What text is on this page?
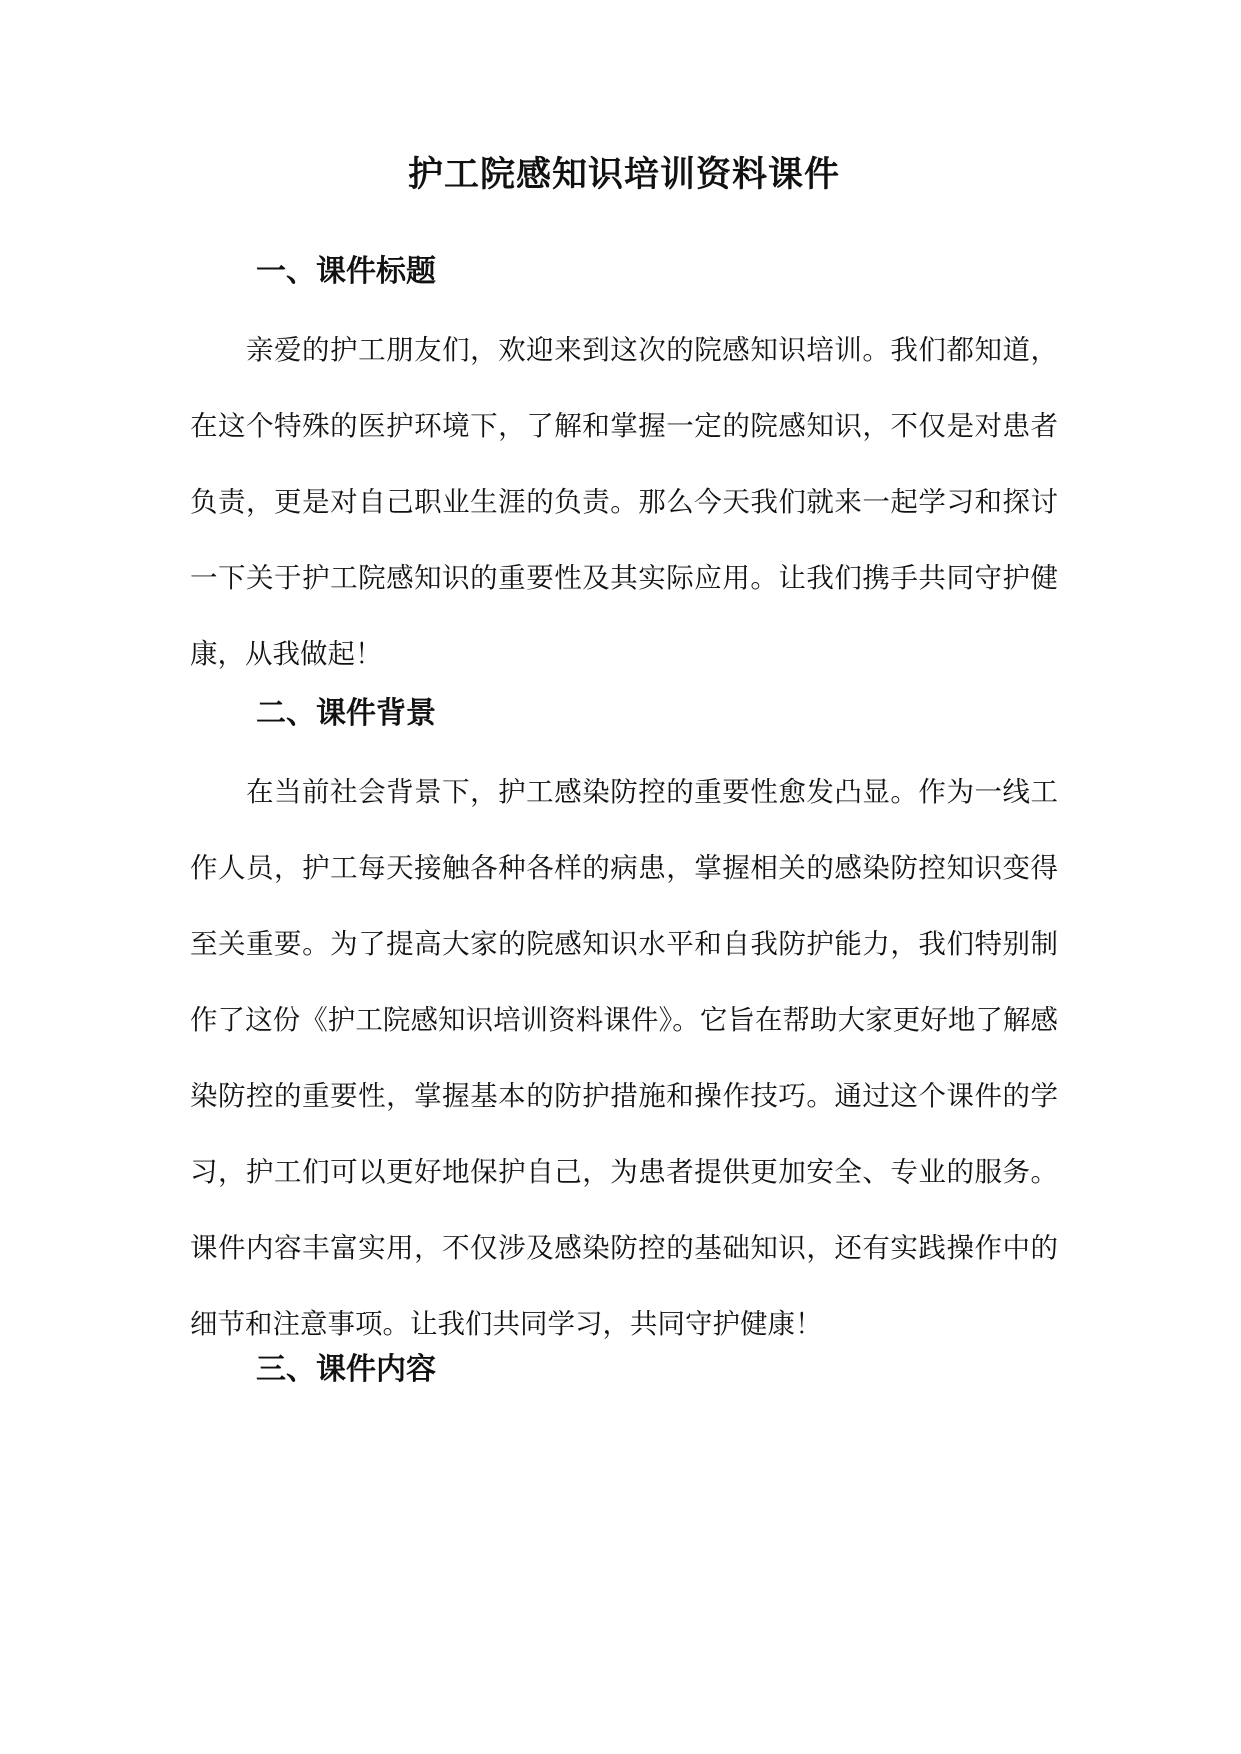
护工院感知识培训资料课件
一、课件标题

亲爱的护工朋友们，欢迎来到这次的院感知识培训。我们都知道，在这个特殊的医护环境下，了解和掌握一定的院感知识，不仅是对患者负责，更是对自己职业生涯的负责。那么今天我们就来一起学习和探讨一下关于护工院感知识的重要性及其实际应用。让我们携手共同守护健康，从我做起！

二、课件背景

在当前社会背景下，护工感染防控的重要性愈发凸显。作为一线工作人员，护工每天接触各种各样的病患，掌握相关的感染防控知识变得至关重要。为了提高大家的院感知识水平和自我防护能力，我们特别制作了这份《护工院感知识培训资料课件》。它旨在帮助大家更好地了解感染防控的重要性，掌握基本的防护措施和操作技巧。通过这个课件的学习，护工们可以更好地保护自己，为患者提供更加安全、专业的服务。课件内容丰富实用，不仅涉及感染防控的基础知识，还有实践操作中的细节和注意事项。让我们共同学习，共同守护健康！

三、课件内容
